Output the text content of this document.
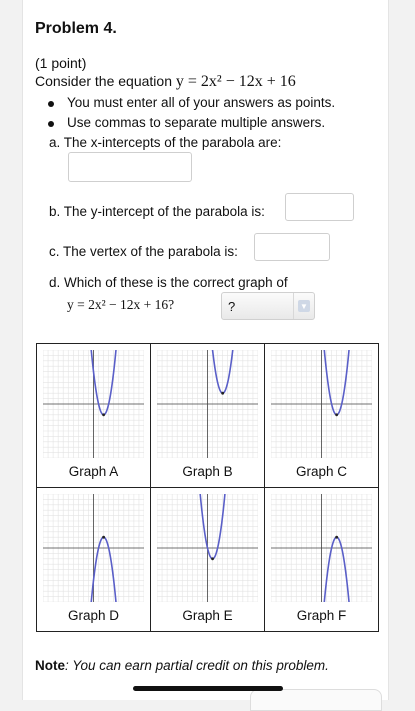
Problem 4.
(1 point)
Consider the equation y = 2x² − 12x + 16
You must enter all of your answers as points.
Use commas to separate multiple answers.
a. The x-intercepts of the parabola are:
b. The y-intercept of the parabola is:
c. The vertex of the parabola is:
d. Which of these is the correct graph of
y = 2x² − 12x + 16?	?	▼
Graph A	Graph B	Graph C

Graph D	Graph E	Graph F
Note: You can earn partial credit on this problem.
